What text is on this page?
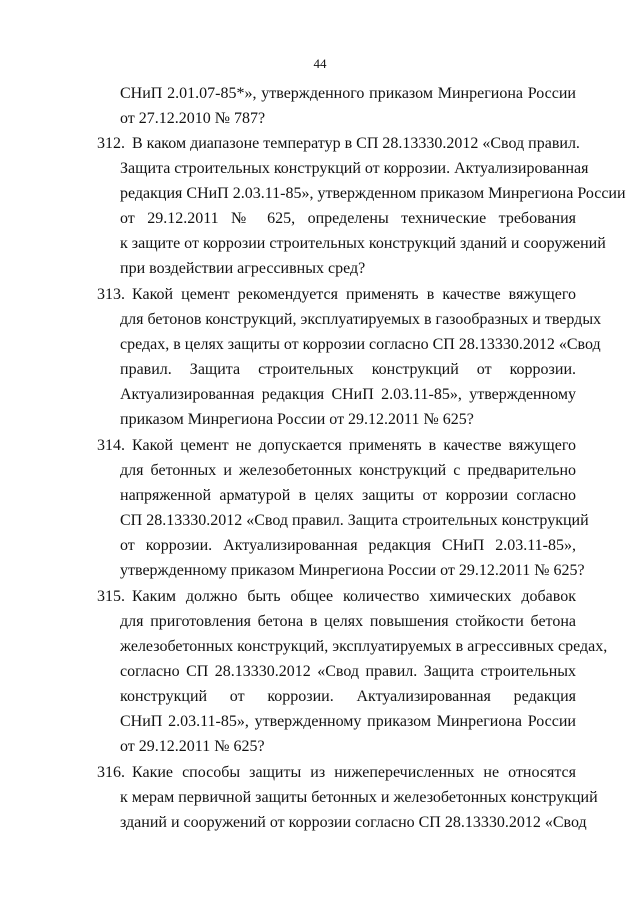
44
СНиП 2.01.07-85*», утвержденного приказом Минрегиона России
от 27.12.2010 № 787?
312. В каком диапазоне температур в СП 28.13330.2012 «Свод правил.
Защита строительных конструкций от коррозии. Актуализированная
редакция СНиП 2.03.11-85», утвержденном приказом Минрегиона России
от 29.12.2011 № 625, определены технические требования
к защите от коррозии строительных конструкций зданий и сооружений
при воздействии агрессивных сред?
313. Какой цемент рекомендуется применять в качестве вяжущего
для бетонов конструкций, эксплуатируемых в газообразных и твердых
средах, в целях защиты от коррозии согласно СП 28.13330.2012 «Свод
правил. Защита строительных конструкций от коррозии.
Актуализированная редакция СНиП 2.03.11-85», утвержденному
приказом Минрегиона России от 29.12.2011 № 625?
314. Какой цемент не допускается применять в качестве вяжущего
для бетонных и железобетонных конструкций с предварительно
напряженной арматурой в целях защиты от коррозии согласно
СП 28.13330.2012 «Свод правил. Защита строительных конструкций
от коррозии. Актуализированная редакция СНиП 2.03.11-85»,
утвержденному приказом Минрегиона России от 29.12.2011 № 625?
315. Каким должно быть общее количество химических добавок
для приготовления бетона в целях повышения стойкости бетона
железобетонных конструкций, эксплуатируемых в агрессивных средах,
согласно СП 28.13330.2012 «Свод правил. Защита строительных
конструкций от коррозии. Актуализированная редакция
СНиП 2.03.11-85», утвержденному приказом Минрегиона России
от 29.12.2011 № 625?
316. Какие способы защиты из нижеперечисленных не относятся
к мерам первичной защиты бетонных и железобетонных конструкций
зданий и сооружений от коррозии согласно СП 28.13330.2012 «Свод
